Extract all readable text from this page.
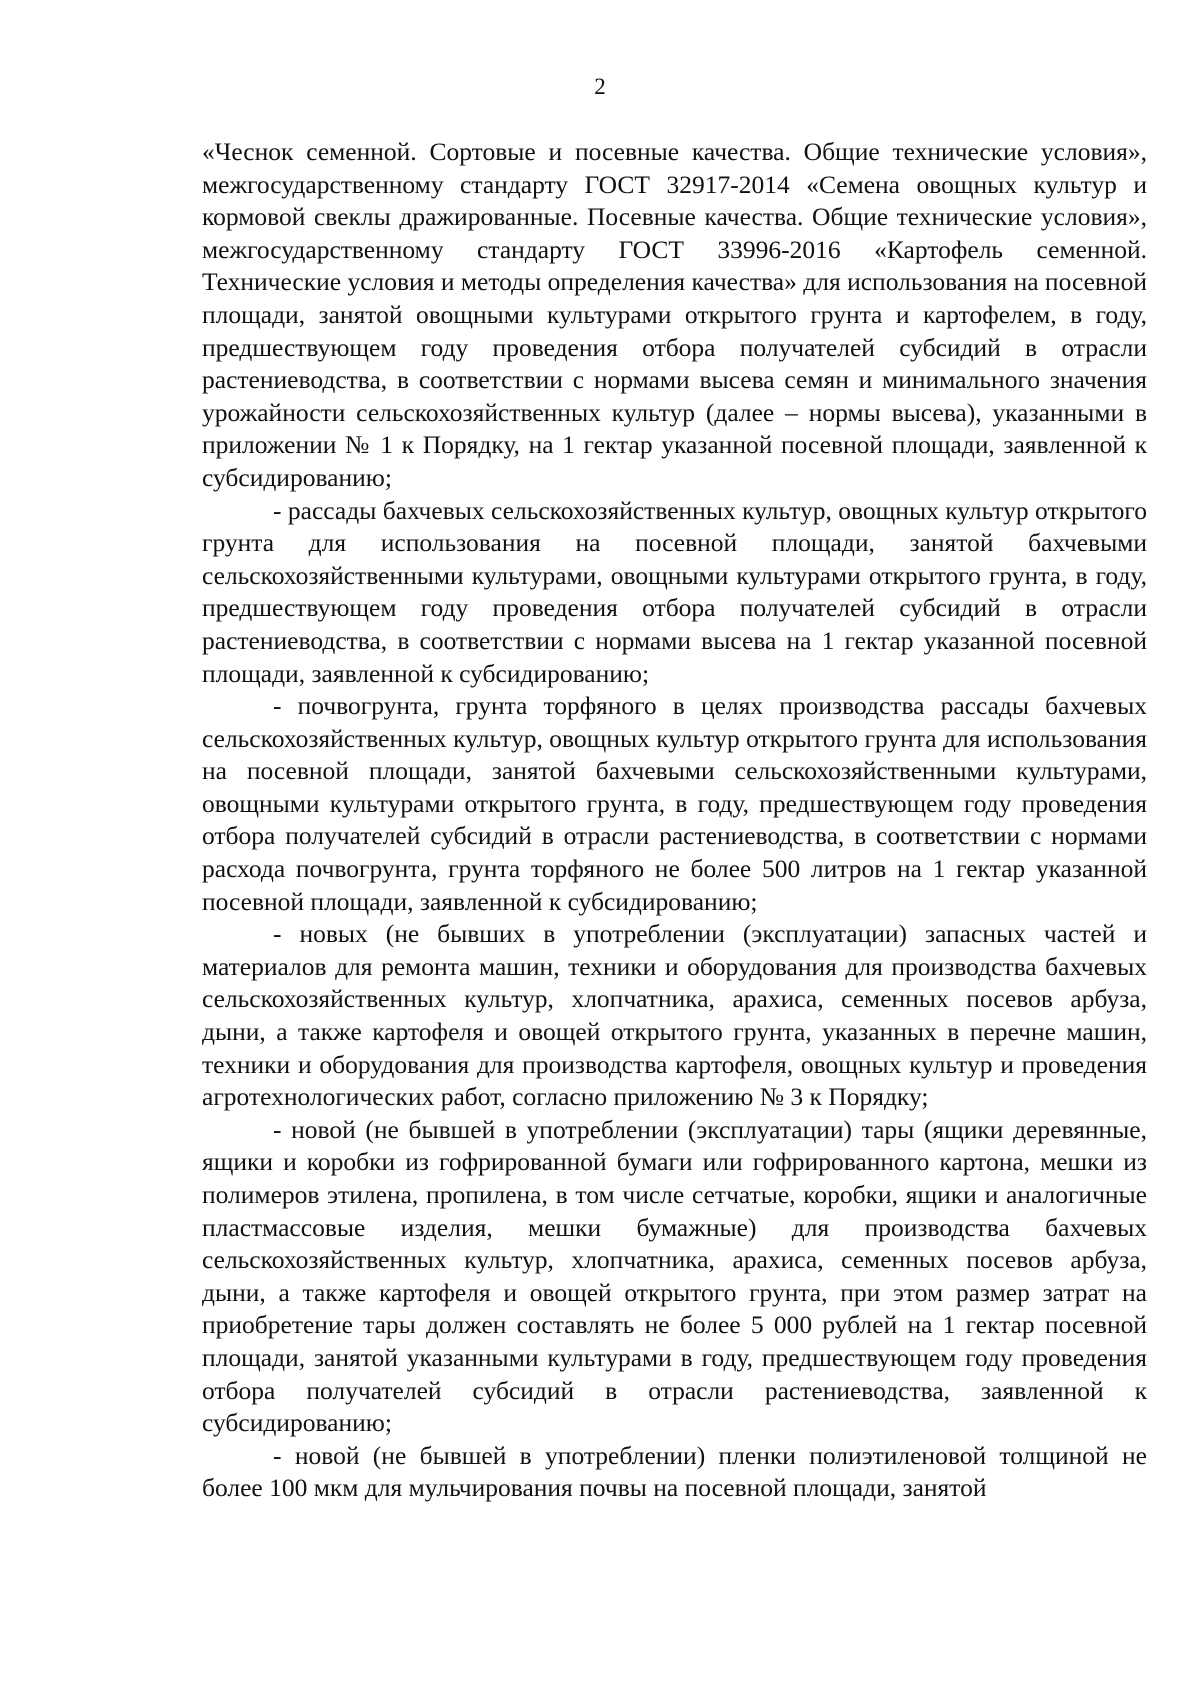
2

«Чеснок семенной. Сортовые и посевные качества. Общие технические условия», межгосударственному стандарту ГОСТ 32917-2014 «Семена овощных культур и кормовой свеклы дражированные. Посевные качества. Общие технические условия», межгосударственному стандарту ГОСТ 33996-2016 «Картофель семенной. Технические условия и методы определения качества» для использования на посевной площади, занятой овощными культурами открытого грунта и картофелем, в году, предшествующем году проведения отбора получателей субсидий в отрасли растениеводства, в соответствии с нормами высева семян и минимального значения урожайности сельскохозяйственных культур (далее – нормы высева), указанными в приложении № 1 к Порядку, на 1 гектар указанной посевной площади, заявленной к субсидированию;

- рассады бахчевых сельскохозяйственных культур, овощных культур открытого грунта для использования на посевной площади, занятой бахчевыми сельскохозяйственными культурами, овощными культурами открытого грунта, в году, предшествующем году проведения отбора получателей субсидий в отрасли растениеводства, в соответствии с нормами высева на 1 гектар указанной посевной площади, заявленной к субсидированию;

- почвогрунта, грунта торфяного в целях производства рассады бахчевых сельскохозяйственных культур, овощных культур открытого грунта для использования на посевной площади, занятой бахчевыми сельскохозяйственными культурами, овощными культурами открытого грунта, в году, предшествующем году проведения отбора получателей субсидий в отрасли растениеводства, в соответствии с нормами расхода почвогрунта, грунта торфяного не более 500 литров на 1 гектар указанной посевной площади, заявленной к субсидированию;

- новых (не бывших в употреблении (эксплуатации) запасных частей и материалов для ремонта машин, техники и оборудования для производства бахчевых сельскохозяйственных культур, хлопчатника, арахиса, семенных посевов арбуза, дыни, а также картофеля и овощей открытого грунта, указанных в перечне машин, техники и оборудования для производства картофеля, овощных культур и проведения агротехнологических работ, согласно приложению № 3 к Порядку;

- новой (не бывшей в употреблении (эксплуатации) тары (ящики деревянные, ящики и коробки из гофрированной бумаги или гофрированного картона, мешки из полимеров этилена, пропилена, в том числе сетчатые, коробки, ящики и аналогичные пластмассовые изделия, мешки бумажные) для производства бахчевых сельскохозяйственных культур, хлопчатника, арахиса, семенных посевов арбуза, дыни, а также картофеля и овощей открытого грунта, при этом размер затрат на приобретение тары должен составлять не более 5 000 рублей на 1 гектар посевной площади, занятой указанными культурами в году, предшествующем году проведения отбора получателей субсидий в отрасли растениеводства, заявленной к субсидированию;

- новой (не бывшей в употреблении) пленки полиэтиленовой толщиной не более 100 мкм для мульчирования почвы на посевной площади, занятой
